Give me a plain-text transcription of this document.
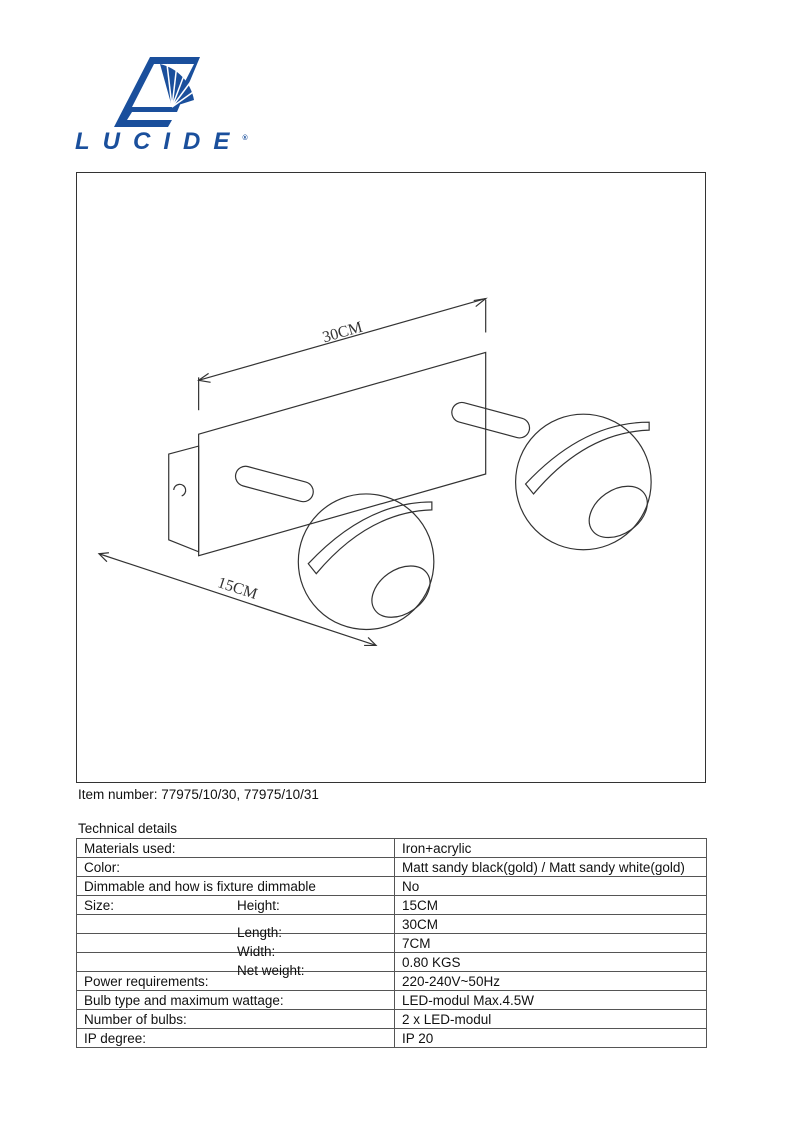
LUCIDE®
30CM
15CM
Item number: 77975/10/30, 77975/10/31
Technical details
Materials used:	Iron+acrylic
Color:	Matt sandy black(gold) / Matt sandy white(gold)
Dimmable and how is fixture dimmable	No
Size: Height:	15CM

Length:	30CM

Width:	7CM

Net weight:	0.80 KGS
Power requirements:	220-240V~50Hz
Bulb type and maximum wattage:	LED-modul Max.4.5W
Number of bulbs:	2 x LED-modul
IP degree:	IP 20
